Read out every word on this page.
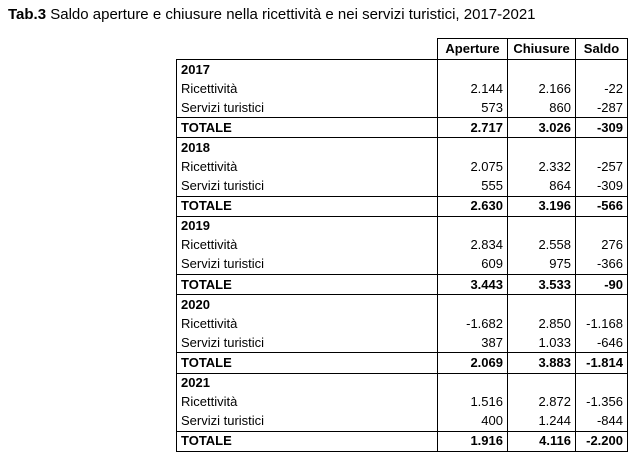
Tab.3 Saldo aperture e chiusure nella ricettività e nei servizi turistici, 2017-2021
	Aperture	Chiusure	Saldo
2017			
Ricettività	2.144	2.166	-22
Servizi turistici	573	860	-287
TOTALE	2.717	3.026	-309
2018			
Ricettività	2.075	2.332	-257
Servizi turistici	555	864	-309
TOTALE	2.630	3.196	-566
2019			
Ricettività	2.834	2.558	276
Servizi turistici	609	975	-366
TOTALE	3.443	3.533	-90
2020			
Ricettività	-1.682	2.850	-1.168
Servizi turistici	387	1.033	-646
TOTALE	2.069	3.883	-1.814
2021			
Ricettività	1.516	2.872	-1.356
Servizi turistici	400	1.244	-844
TOTALE	1.916	4.116	-2.200
